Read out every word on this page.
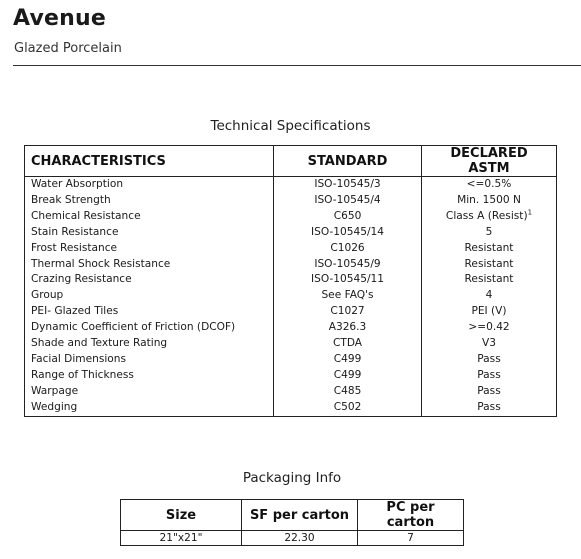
Avenue
Glazed Porcelain
Technical Specifications
CHARACTERISTICS	STANDARD	DECLARED ASTM
Water Absorption	ISO-10545/3	<=0.5%
Break Strength	ISO-10545/4	Min. 1500 N
Chemical Resistance	C650	Class A (Resist)$^1$
Stain Resistance	ISO-10545/14	5
Frost Resistance	C1026	Resistant
Thermal Shock Resistance	ISO-10545/9	Resistant
Crazing Resistance	ISO-10545/11	Resistant
Group	See FAQ's	4
PEI- Glazed Tiles	C1027	PEI (V)
Dynamic Coefficient of Friction (DCOF)	A326.3	>=0.42
Shade and Texture Rating	CTDA	V3
Facial Dimensions	C499	Pass
Range of Thickness	C499	Pass
Warpage	C485	Pass
Wedging	C502	Pass
Packaging Info
Size	SF per carton	PC per carton
21"x21"	22.30	7
